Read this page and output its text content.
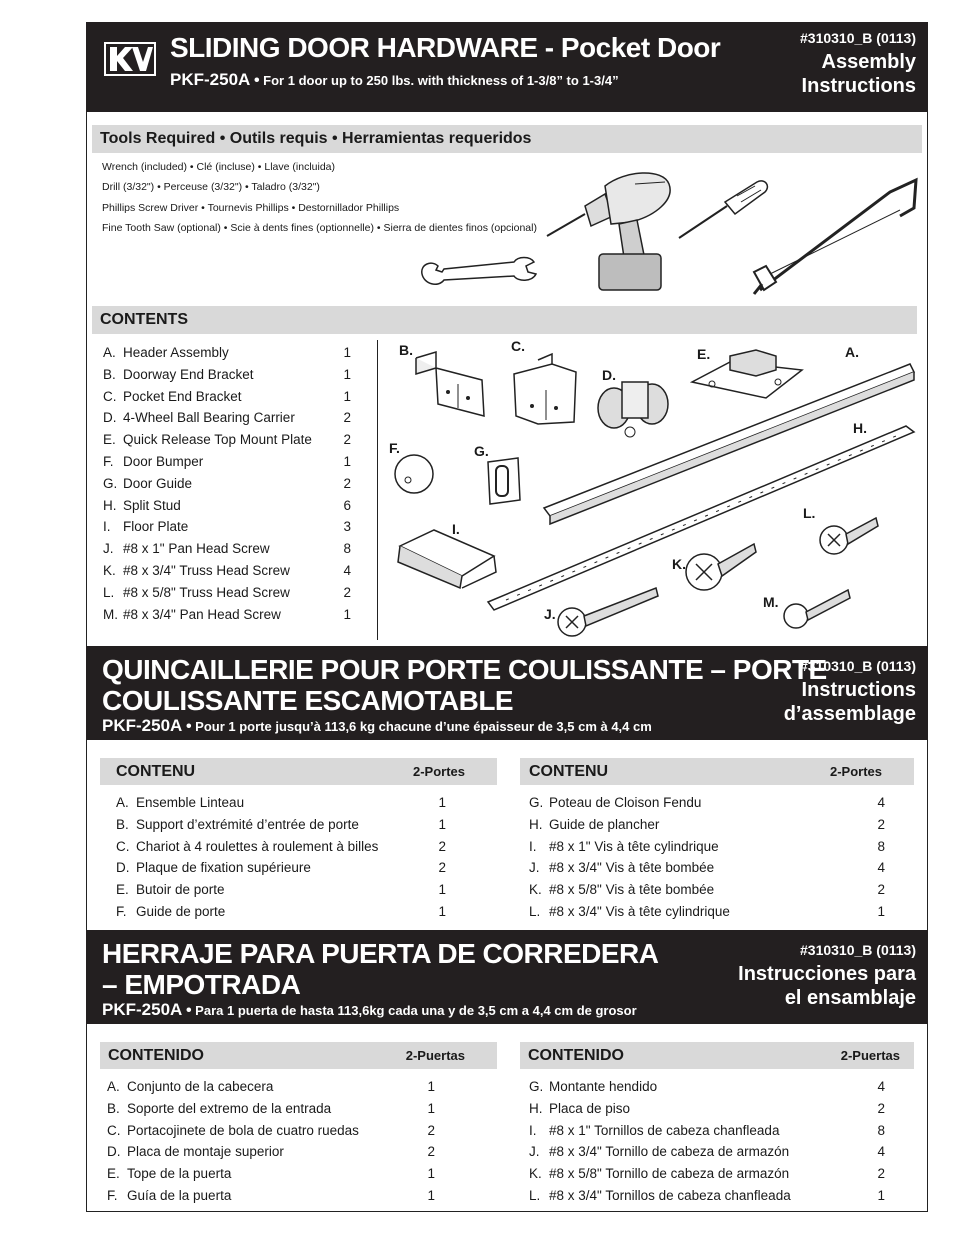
SLIDING DOOR HARDWARE - Pocket Door
PKF-250A • For 1 door up to 250 lbs. with thickness of 1-3/8” to 1-3/4”
#310310_B (0113)
Assembly
Instructions
Tools Required • Outils requis • Herramientas requeridos
Wrench (included) • Clé (incluse) • Llave (incluida)
Drill (3/32") • Perceuse (3/32") • Taladro (3/32")
Phillips Screw Driver • Tournevis Phillips • Destornillador Phillips
Fine Tooth Saw (optional) • Scie à dents fines (optionnelle) • Sierra de dientes finos (opcional)
CONTENTS
A. Header Assembly	1
B. Doorway End Bracket	1
C. Pocket End Bracket	1
D. 4-Wheel Ball Bearing Carrier	2
E. Quick Release Top Mount Plate	2
F. Door Bumper	1
G. Door Guide	2
H. Split Stud	6
I. Floor Plate	3
J. #8 x 1" Pan Head Screw	8
K. #8 x 3/4" Truss Head Screw	4
L. #8 x 5/8" Truss Head Screw	2
M. #8 x 3/4" Pan Head Screw	1
B.	C.
D.
E.	A.
H.
F.	G.
I.
L.
K.
M.
J.
QUINCAILLERIE POUR PORTE COULISSANTE – PORTE
COULISSANTE ESCAMOTABLE
PKF-250A • Pour 1 porte jusqu’à 113,6 kg chacune d’une épaisseur de 3,5 cm à 4,4 cm
#310310_B (0113)
Instructions
d’assemblage
CONTENU	2-Portes	CONTENU	2-Portes
A. Ensemble Linteau	1
B. Support d’extrémité d’entrée de porte	1
C. Chariot à 4 roulettes à roulement à billes	2
D. Plaque de fixation supérieure	2
E. Butoir de porte	1
F. Guide de porte	1
G. Poteau de Cloison Fendu	4
H. Guide de plancher	2
I. #8 x 1" Vis à tête cylindrique	8
J. #8 x 3/4" Vis à tête bombée	4
K. #8 x 5/8" Vis à tête bombée	2
L. #8 x 3/4" Vis à tête cylindrique	1
HERRAJE PARA PUERTA DE CORREDERA
– EMPOTRADA
PKF-250A • Para 1 puerta de hasta 113,6kg cada una y de 3,5 cm a 4,4 cm de grosor
#310310_B (0113)
Instrucciones para
el ensamblaje
CONTENIDO	2-Puertas	CONTENIDO	2-Puertas
A. Conjunto de la cabecera	1
B. Soporte del extremo de la entrada	1
C. Portacojinete de bola de cuatro ruedas	2
D. Placa de montaje superior	2
E. Tope de la puerta	1
F. Guía de la puerta	1
G. Montante hendido	4
H. Placa de piso	2
I. #8 x 1" Tornillos de cabeza chanfleada	8
J. #8 x 3/4" Tornillo de cabeza de armazón	4
K. #8 x 5/8" Tornillo de cabeza de armazón	2
L. #8 x 3/4" Tornillos de cabeza chanfleada	1
